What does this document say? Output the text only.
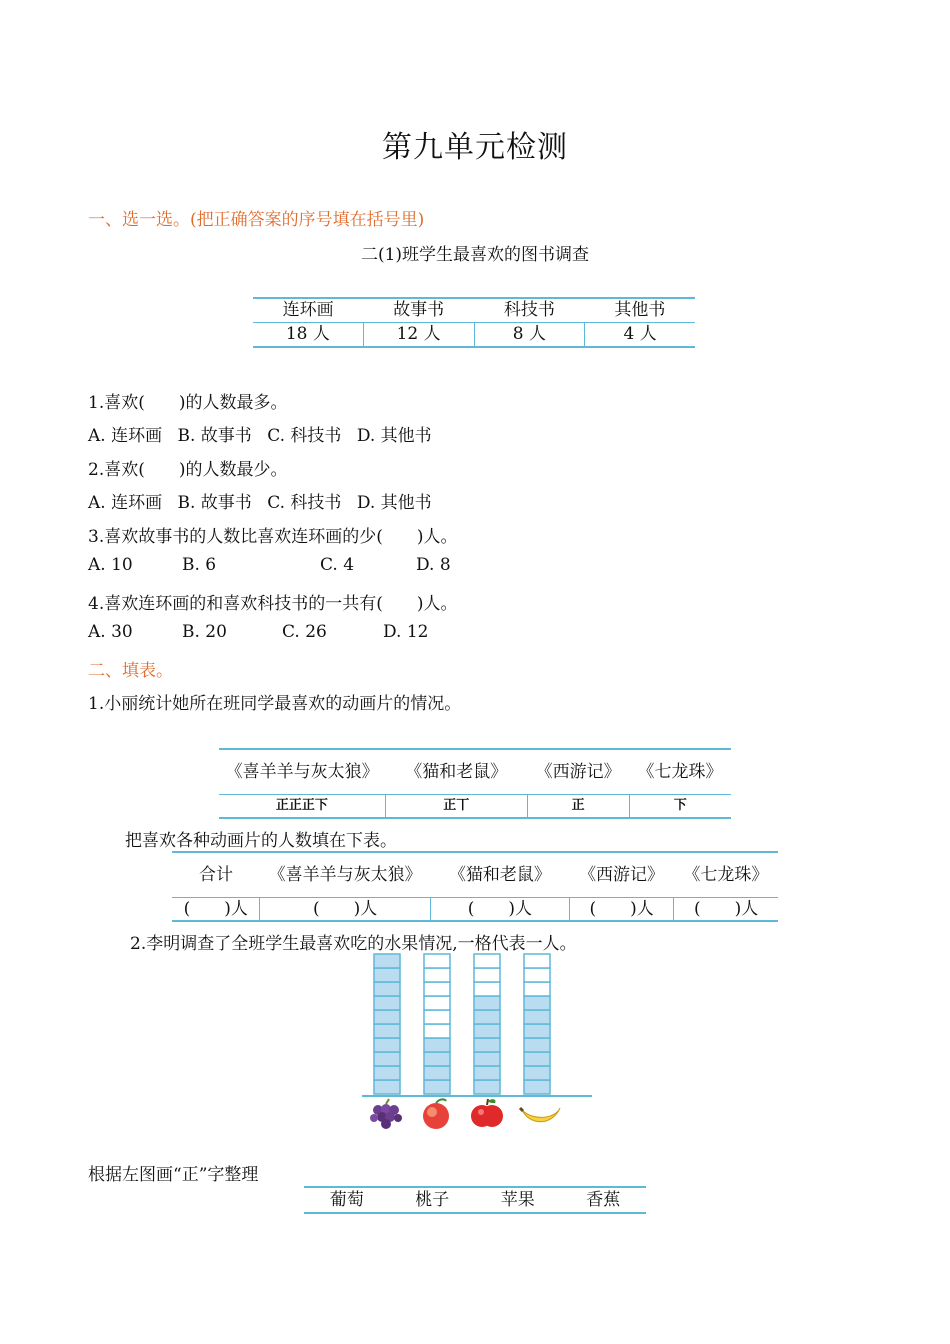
第九单元检测
一、选一选。(把正确答案的序号填在括号里)
二(1)班学生最喜欢的图书调查
连环画	故事书	科技书	其他书
18 人	12 人	8 人	4 人
1.喜欢(　　)的人数最多。
A. 连环画 B. 故事书 C. 科技书 D. 其他书
2.喜欢(　　)的人数最少。
A. 连环画 B. 故事书 C. 科技书 D. 其他书
3.喜欢故事书的人数比喜欢连环画的少(　　)人。
A. 10	B. 6	C. 4	D. 8
4.喜欢连环画的和喜欢科技书的一共有(　　)人。
A. 30	B. 20	C. 26	D. 12
二、填表。
1.小丽统计她所在班同学最喜欢的动画片的情况。
《喜羊羊与灰太狼》	《猫和老鼠》	《西游记》	《七龙珠》
正正正下	正丅	正	下
把喜欢各种动画片的人数填在下表。
合计	《喜羊羊与灰太狼》	《猫和老鼠》	《西游记》	《七龙珠》
(　　)人	(　　)人	(　　)人	(　　)人	(　　)人
2.李明调查了全班学生最喜欢吃的水果情况,一格代表一人。
根据左图画“正”字整理
葡萄	桃子	苹果	香蕉
